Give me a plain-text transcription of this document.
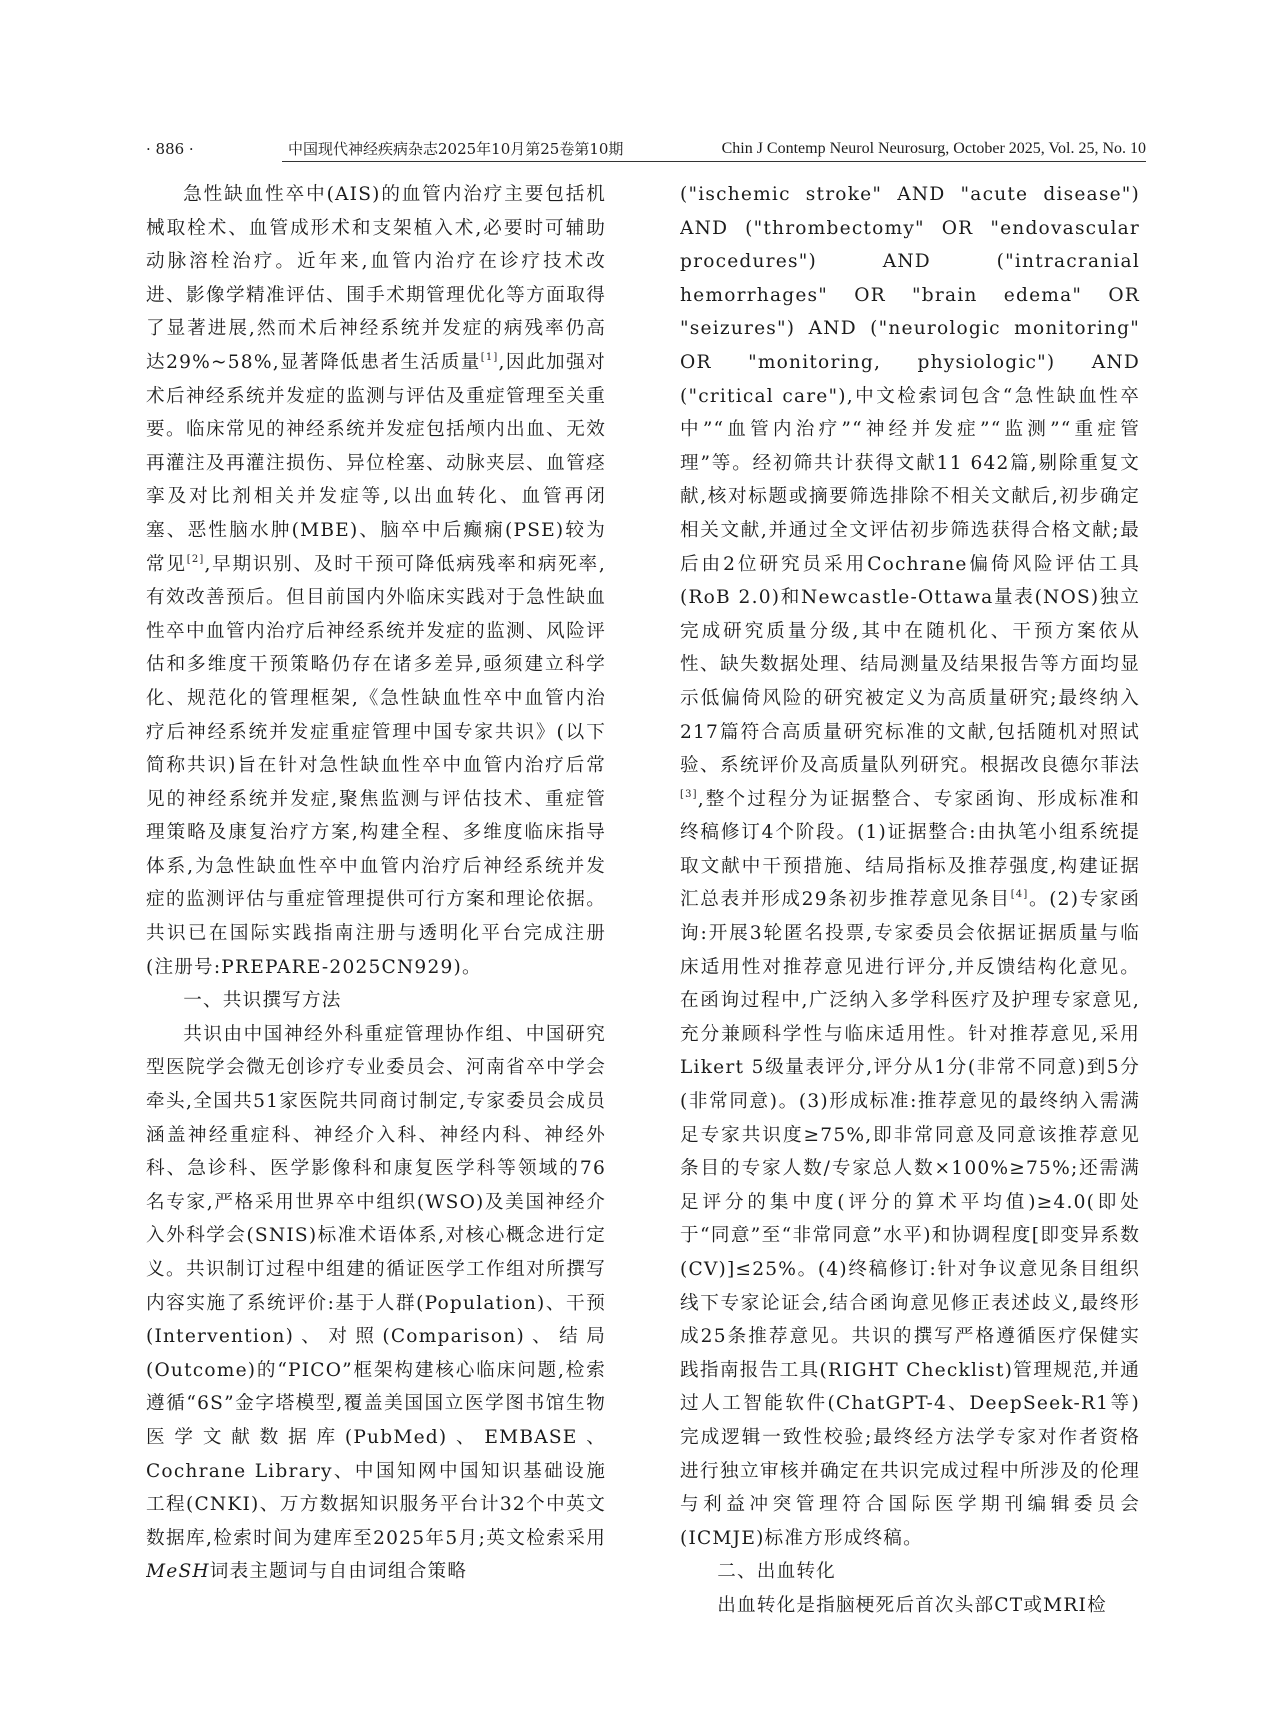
· 886 ·	中国现代神经疾病杂志2025年10月第25卷第10期	Chin J Contemp Neurol Neurosurg, October 2025, Vol. 25, No. 10

急性缺血性卒中(AIS)的血管内治疗主要包括机械取栓术、血管成形术和支架植入术,必要时可辅助动脉溶栓治疗。近年来,血管内治疗在诊疗技术改进、影像学精准评估、围手术期管理优化等方面取得了显著进展,然而术后神经系统并发症的病残率仍高达29%~58%,显著降低患者生活质量[1],因此加强对术后神经系统并发症的监测与评估及重症管理至关重要。临床常见的神经系统并发症包括颅内出血、无效再灌注及再灌注损伤、异位栓塞、动脉夹层、血管痉挛及对比剂相关并发症等,以出血转化、血管再闭塞、恶性脑水肿(MBE)、脑卒中后癫痫(PSE)较为常见[2],早期识别、及时干预可降低病残率和病死率,有效改善预后。但目前国内外临床实践对于急性缺血性卒中血管内治疗后神经系统并发症的监测、风险评估和多维度干预策略仍存在诸多差异,亟须建立科学化、规范化的管理框架,《急性缺血性卒中血管内治疗后神经系统并发症重症管理中国专家共识》(以下简称共识)旨在针对急性缺血性卒中血管内治疗后常见的神经系统并发症,聚焦监测与评估技术、重症管理策略及康复治疗方案,构建全程、多维度临床指导体系,为急性缺血性卒中血管内治疗后神经系统并发症的监测评估与重症管理提供可行方案和理论依据。共识已在国际实践指南注册与透明化平台完成注册(注册号:PREPARE-2025CN929)。

一、共识撰写方法

共识由中国神经外科重症管理协作组、中国研究型医院学会微无创诊疗专业委员会、河南省卒中学会牵头,全国共51家医院共同商讨制定,专家委员会成员涵盖神经重症科、神经介入科、神经内科、神经外科、急诊科、医学影像科和康复医学科等领域的76名专家,严格采用世界卒中组织(WSO)及美国神经介入外科学会(SNIS)标准术语体系,对核心概念进行定义。共识制订过程中组建的循证医学工作组对所撰写内容实施了系统评价:基于人群(Population)、干预(Intervention)、对照(Comparison)、结局(Outcome)的“PICO”框架构建核心临床问题,检索遵循“6S”金字塔模型,覆盖美国国立医学图书馆生物医学文献数据库(PubMed)、EMBASE、Cochrane Library、中国知网中国知识基础设施工程(CNKI)、万方数据知识服务平台计32个中英文数据库,检索时间为建库至2025年5月;英文检索采用MeSH词表主题词与自由词组合策略

("ischemic stroke" AND "acute disease") AND ("thrombectomy" OR "endovascular procedures") AND ("intracranial hemorrhages" OR "brain edema" OR "seizures") AND ("neurologic monitoring" OR "monitoring, physiologic") AND ("critical care"),中文检索词包含“急性缺血性卒中”“血管内治疗”“神经并发症”“监测”“重症管理”等。经初筛共计获得文献11 642篇,剔除重复文献,核对标题或摘要筛选排除不相关文献后,初步确定相关文献,并通过全文评估初步筛选获得合格文献;最后由2位研究员采用Cochrane偏倚风险评估工具(RoB 2.0)和Newcastle-Ottawa量表(NOS)独立完成研究质量分级,其中在随机化、干预方案依从性、缺失数据处理、结局测量及结果报告等方面均显示低偏倚风险的研究被定义为高质量研究;最终纳入217篇符合高质量研究标准的文献,包括随机对照试验、系统评价及高质量队列研究。根据改良德尔菲法[3],整个过程分为证据整合、专家函询、形成标准和终稿修订4个阶段。(1)证据整合:由执笔小组系统提取文献中干预措施、结局指标及推荐强度,构建证据汇总表并形成29条初步推荐意见条目[4]。(2)专家函询:开展3轮匿名投票,专家委员会依据证据质量与临床适用性对推荐意见进行评分,并反馈结构化意见。在函询过程中,广泛纳入多学科医疗及护理专家意见,充分兼顾科学性与临床适用性。针对推荐意见,采用Likert 5级量表评分,评分从1分(非常不同意)到5分(非常同意)。(3)形成标准:推荐意见的最终纳入需满足专家共识度≥75%,即非常同意及同意该推荐意见条目的专家人数/专家总人数×100%≥75%;还需满足评分的集中度(评分的算术平均值)≥4.0(即处于“同意”至“非常同意”水平)和协调程度[即变异系数(CV)]≤25%。(4)终稿修订:针对争议意见条目组织线下专家论证会,结合函询意见修正表述歧义,最终形成25条推荐意见。共识的撰写严格遵循医疗保健实践指南报告工具(RIGHT Checklist)管理规范,并通过人工智能软件(ChatGPT-4、DeepSeek-R1等)完成逻辑一致性校验;最终经方法学专家对作者资格进行独立审核并确定在共识完成过程中所涉及的伦理与利益冲突管理符合国际医学期刊编辑委员会(ICMJE)标准方形成终稿。

二、出血转化

出血转化是指脑梗死后首次头部CT或MRI检
